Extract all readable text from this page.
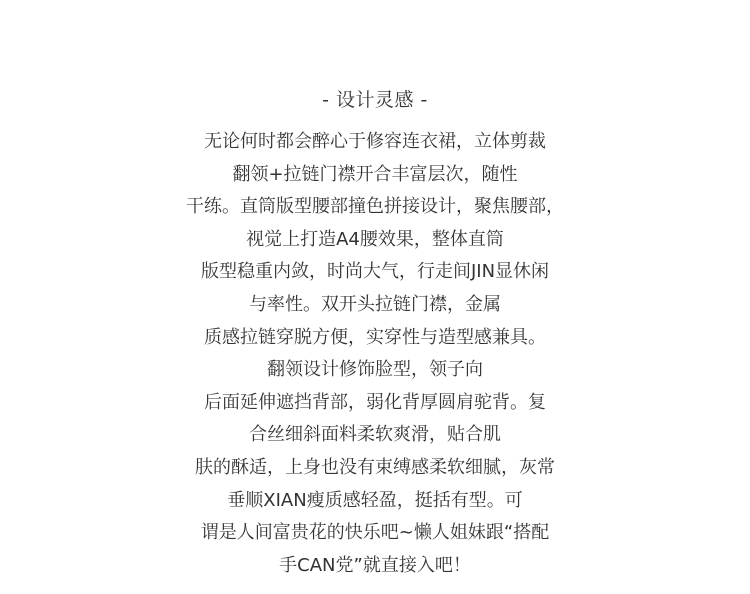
- 设计灵感 -
无论何时都会醉心于修容连衣裙，立体剪裁
翻领+拉链门襟开合丰富层次，随性
干练。直筒版型腰部撞色拼接设计，聚焦腰部，
视觉上打造A4腰效果，整体直筒
版型稳重内敛，时尚大气，行走间JIN显休闲
与率性。双开头拉链门襟，金属
质感拉链穿脱方便，实穿性与造型感兼具。
翻领设计修饰脸型，领子向
后面延伸遮挡背部，弱化背厚圆肩驼背。复
合丝细斜面料柔软爽滑，贴合肌
肤的酥适，上身也没有束缚感柔软细腻，灰常
垂顺XIAN瘦质感轻盈，挺括有型。可
谓是人间富贵花的快乐吧~懒人姐妹跟“搭配
手CAN党”就直接入吧！
